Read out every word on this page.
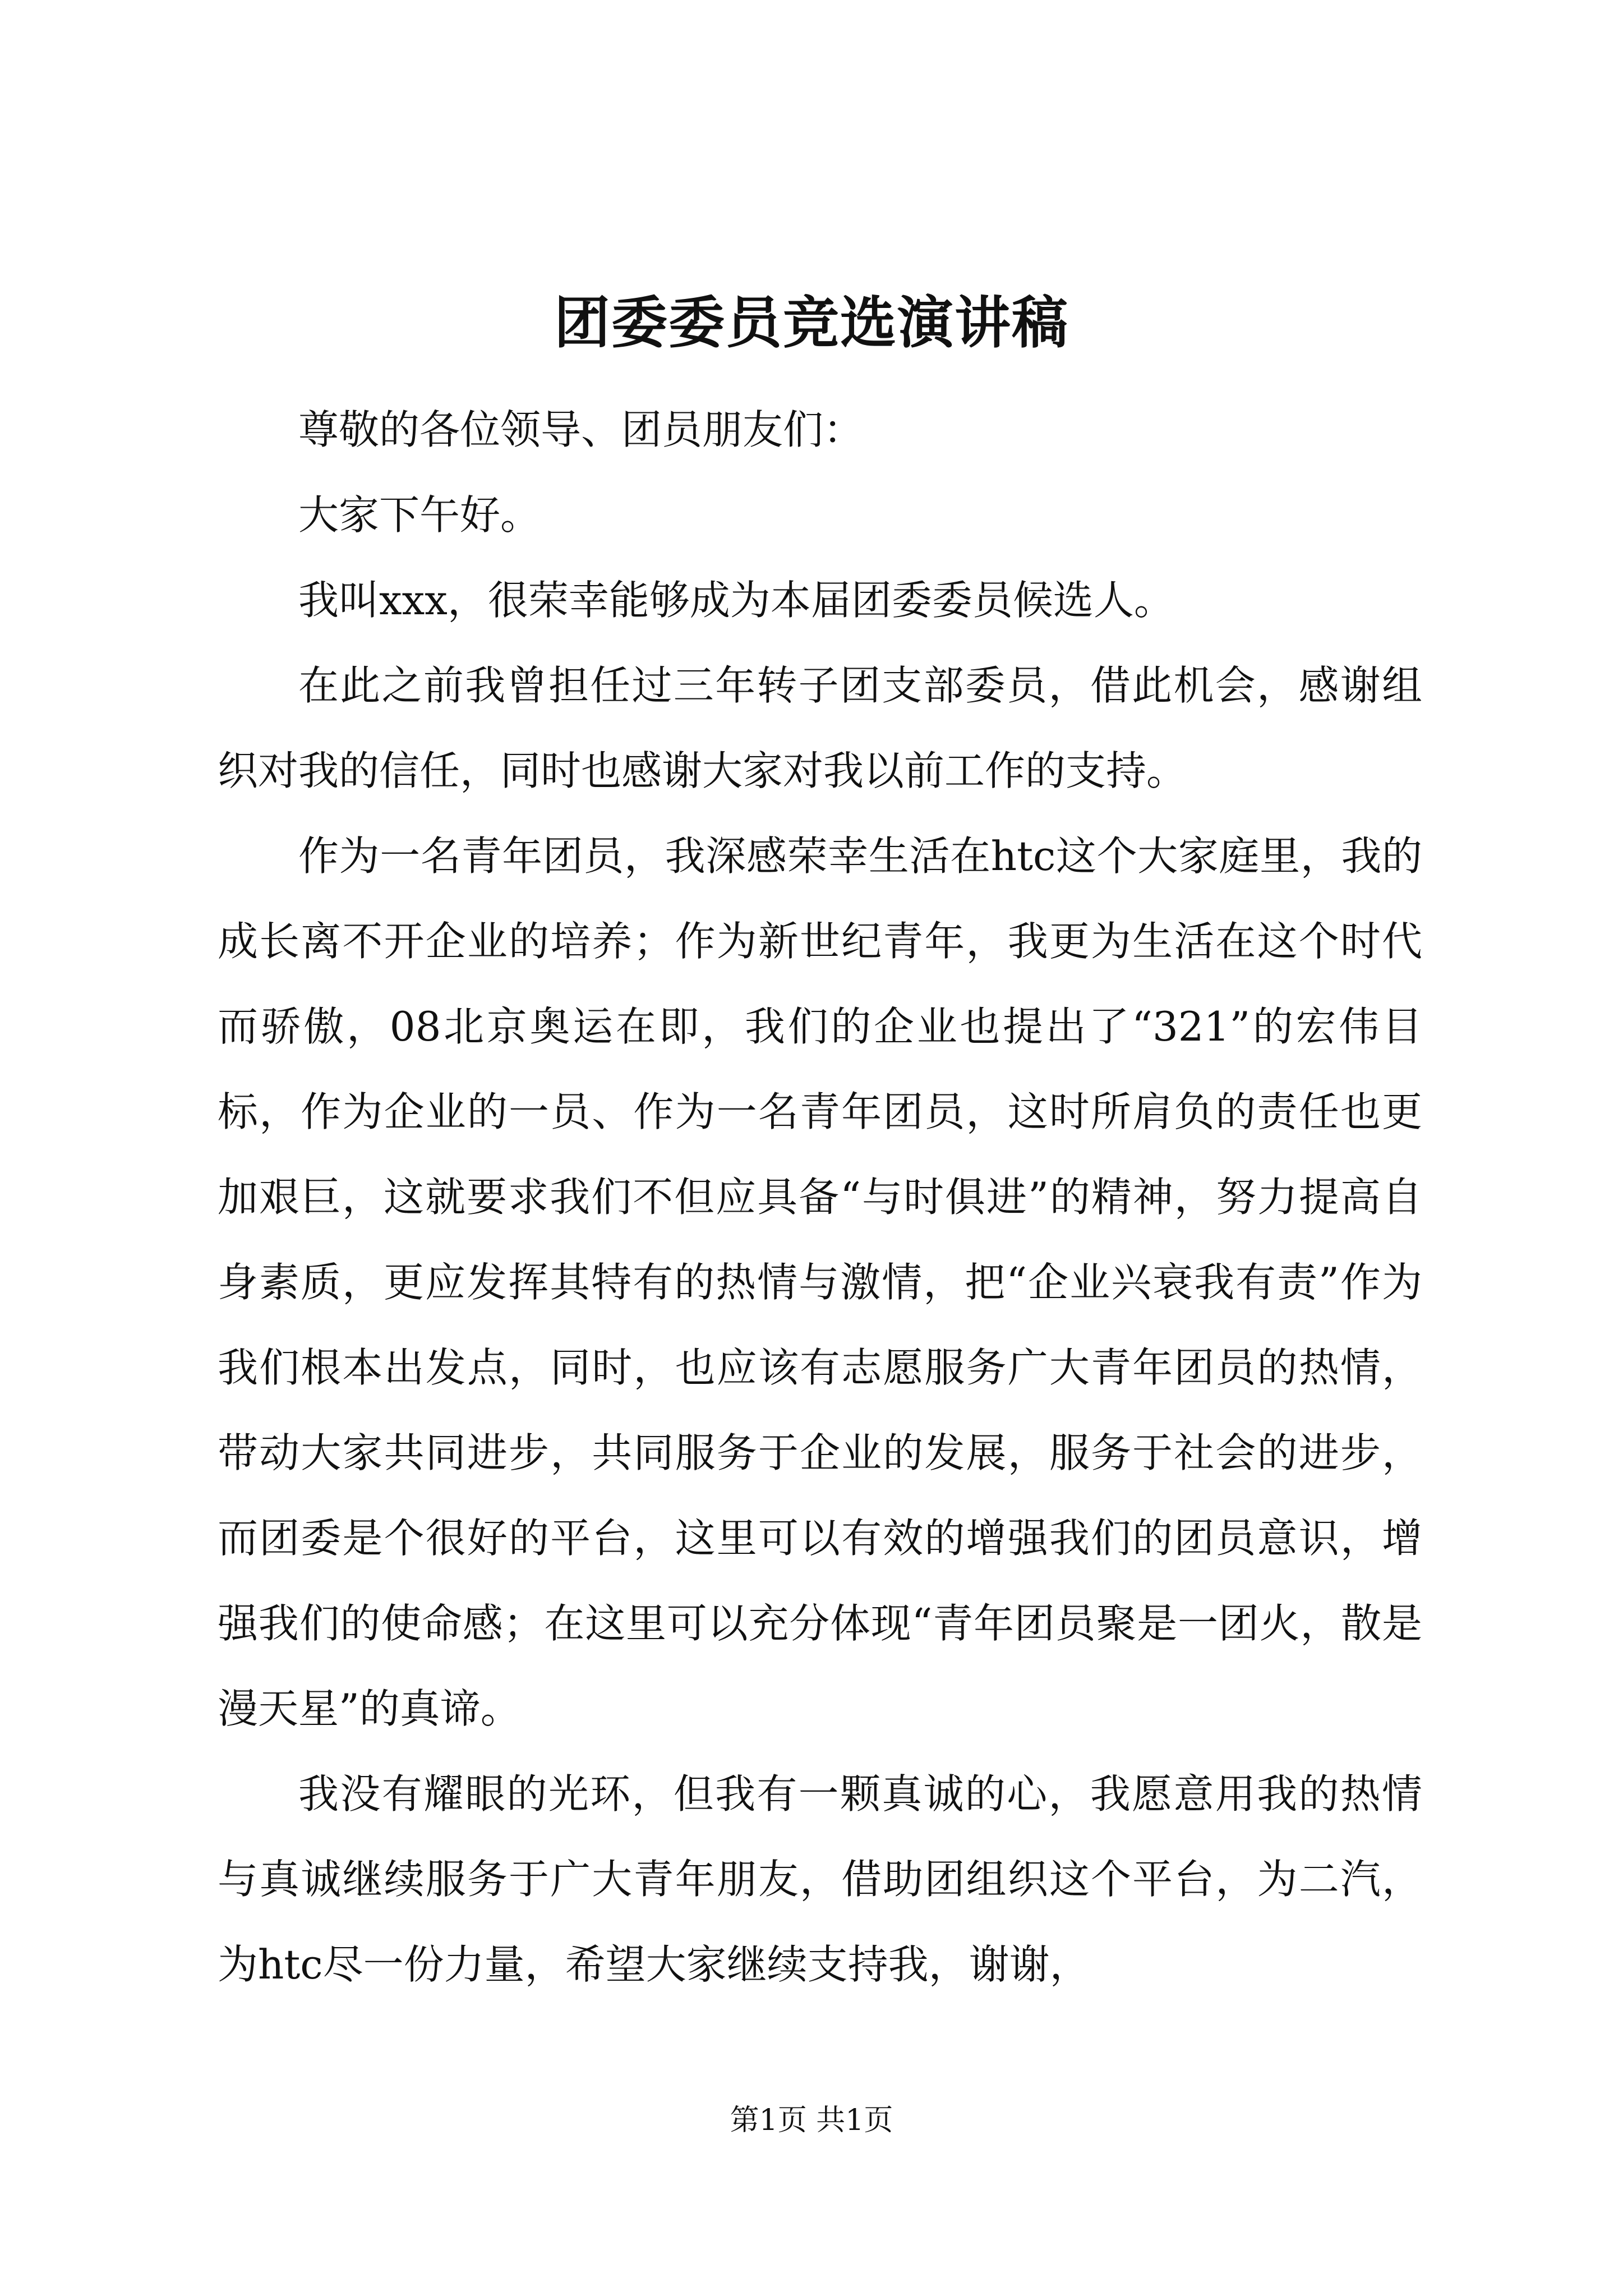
团委委员竞选演讲稿

尊敬的各位领导、团员朋友们：

大家下午好。

我叫xxx，很荣幸能够成为本届团委委员候选人。

在此之前我曾担任过三年转子团支部委员，借此机会，感谢组织对我的信任，同时也感谢大家对我以前工作的支持。

作为一名青年团员，我深感荣幸生活在htc这个大家庭里，我的成长离不开企业的培养；作为新世纪青年，我更为生活在这个时代而骄傲，08北京奥运在即，我们的企业也提出了“321”的宏伟目标，作为企业的一员、作为一名青年团员，这时所肩负的责任也更加艰巨，这就要求我们不但应具备“与时俱进”的精神，努力提高自身素质，更应发挥其特有的热情与激情，把“企业兴衰我有责”作为我们根本出发点，同时，也应该有志愿服务广大青年团员的热情，带动大家共同进步，共同服务于企业的发展，服务于社会的进步，而团委是个很好的平台，这里可以有效的增强我们的团员意识，增强我们的使命感；在这里可以充分体现“青年团员聚是一团火，散是漫天星”的真谛。

我没有耀眼的光环，但我有一颗真诚的心，我愿意用我的热情与真诚继续服务于广大青年朋友，借助团组织这个平台，为二汽，为htc尽一份力量，希望大家继续支持我，谢谢，

第1页 共1页
